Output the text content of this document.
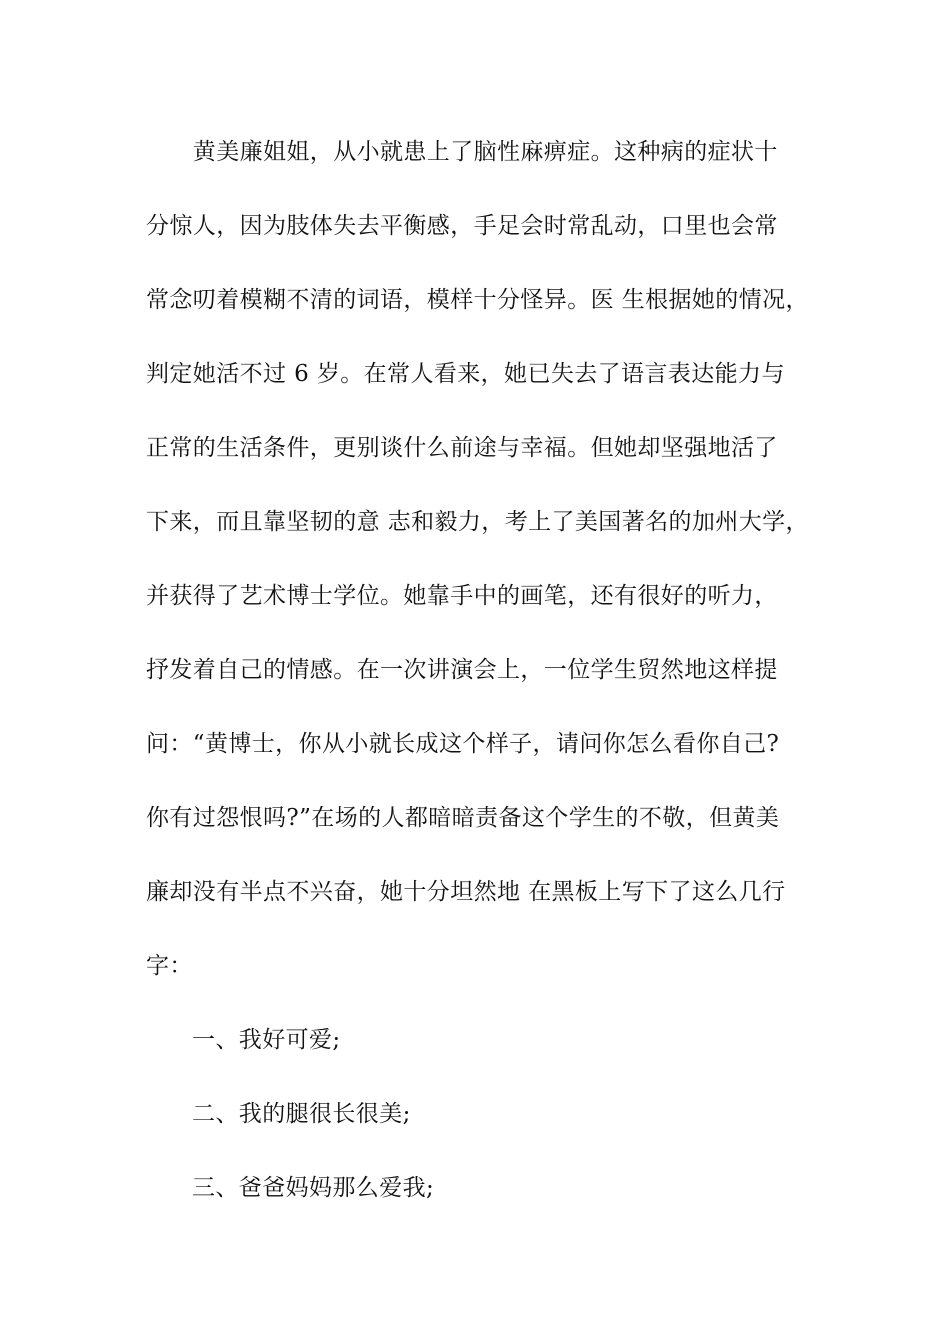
　　黄美廉姐姐，从小就患上了脑性麻痹症。这种病的症状十
分惊人，因为肢体失去平衡感，手足会时常乱动，口里也会常
常念叨着模糊不清的词语，模样十分怪异。医 生根据她的情况，
判定她活不过 6 岁。在常人看来，她已失去了语言表达能力与
正常的生活条件，更别谈什么前途与幸福。但她却坚强地活了
下来，而且靠坚韧的意 志和毅力，考上了美国著名的加州大学，
并获得了艺术博士学位。她靠手中的画笔，还有很好的听力，
抒发着自己的情感。在一次讲演会上，一位学生贸然地这样提
问：“黄博士，你从小就长成这个样子，请问你怎么看你自己?
你有过怨恨吗?”在场的人都暗暗责备这个学生的不敬，但黄美
廉却没有半点不兴奋，她十分坦然地 在黑板上写下了这么几行
字：
一、我好可爱;
二、我的腿很长很美;
三、爸爸妈妈那么爱我;
